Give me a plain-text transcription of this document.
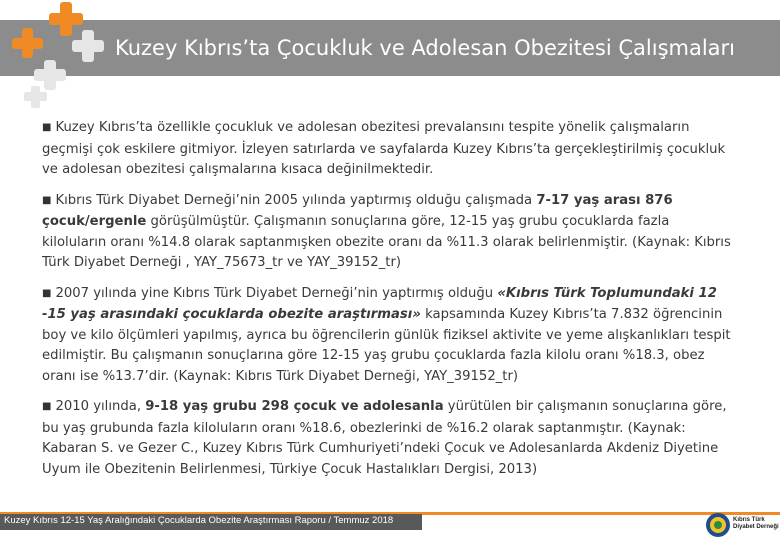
Kuzey Kıbrıs’ta Çocukluk ve Adolesan Obezitesi Çalışmaları

■ Kuzey Kıbrıs’ta özellikle çocukluk ve adolesan obezitesi prevalansını tespite yönelik çalışmaların geçmişi çok eskilere gitmiyor. İzleyen satırlarda ve sayfalarda Kuzey Kıbrıs’ta gerçekleştirilmiş çocukluk ve adolesan obezitesi çalışmalarına kısaca değinilmektedir.

■ Kıbrıs Türk Diyabet Derneği’nin 2005 yılında yaptırmış olduğu çalışmada 7-17 yaş arası 876 çocuk/ergenle görüşülmüştür. Çalışmanın sonuçlarına göre, 12-15 yaş grubu çocuklarda fazla kiloluların oranı %14.8 olarak saptanmışken obezite oranı da %11.3 olarak belirlenmiştir. (Kaynak: Kıbrıs Türk Diyabet Derneği , YAY_75673_tr ve YAY_39152_tr)

■ 2007 yılında yine Kıbrıs Türk Diyabet Derneği’nin yaptırmış olduğu «Kıbrıs Türk Toplumundaki 12 -15 yaş arasındaki çocuklarda obezite araştırması» kapsamında Kuzey Kıbrıs’ta 7.832 öğrencinin boy ve kilo ölçümleri yapılmış, ayrıca bu öğrencilerin günlük fiziksel aktivite ve yeme alışkanlıkları tespit edilmiştir. Bu çalışmanın sonuçlarına göre 12-15 yaş grubu çocuklarda fazla kilolu oranı %18.3, obez oranı ise %13.7’dir. (Kaynak: Kıbrıs Türk Diyabet Derneği, YAY_39152_tr)

■ 2010 yılında, 9-18 yaş grubu 298 çocuk ve adolesanla yürütülen bir çalışmanın sonuçlarına göre, bu yaş grubunda fazla kiloluların oranı %18.6, obezlerinki de %16.2 olarak saptanmıştır. (Kaynak: Kabaran S. ve Gezer C., Kuzey Kıbrıs Türk Cumhuriyeti’ndeki Çocuk ve Adolesanlarda Akdeniz Diyetine Uyum ile Obezitenin Belirlenmesi, Türkiye Çocuk Hastalıkları Dergisi, 2013)

37
Kuzey Kıbrıs 12-15 Yaş Aralığındaki Çocuklarda Obezite Araştırması Raporu / Temmuz 2018	Kıbrıs Türk
Diyabet Derneği
